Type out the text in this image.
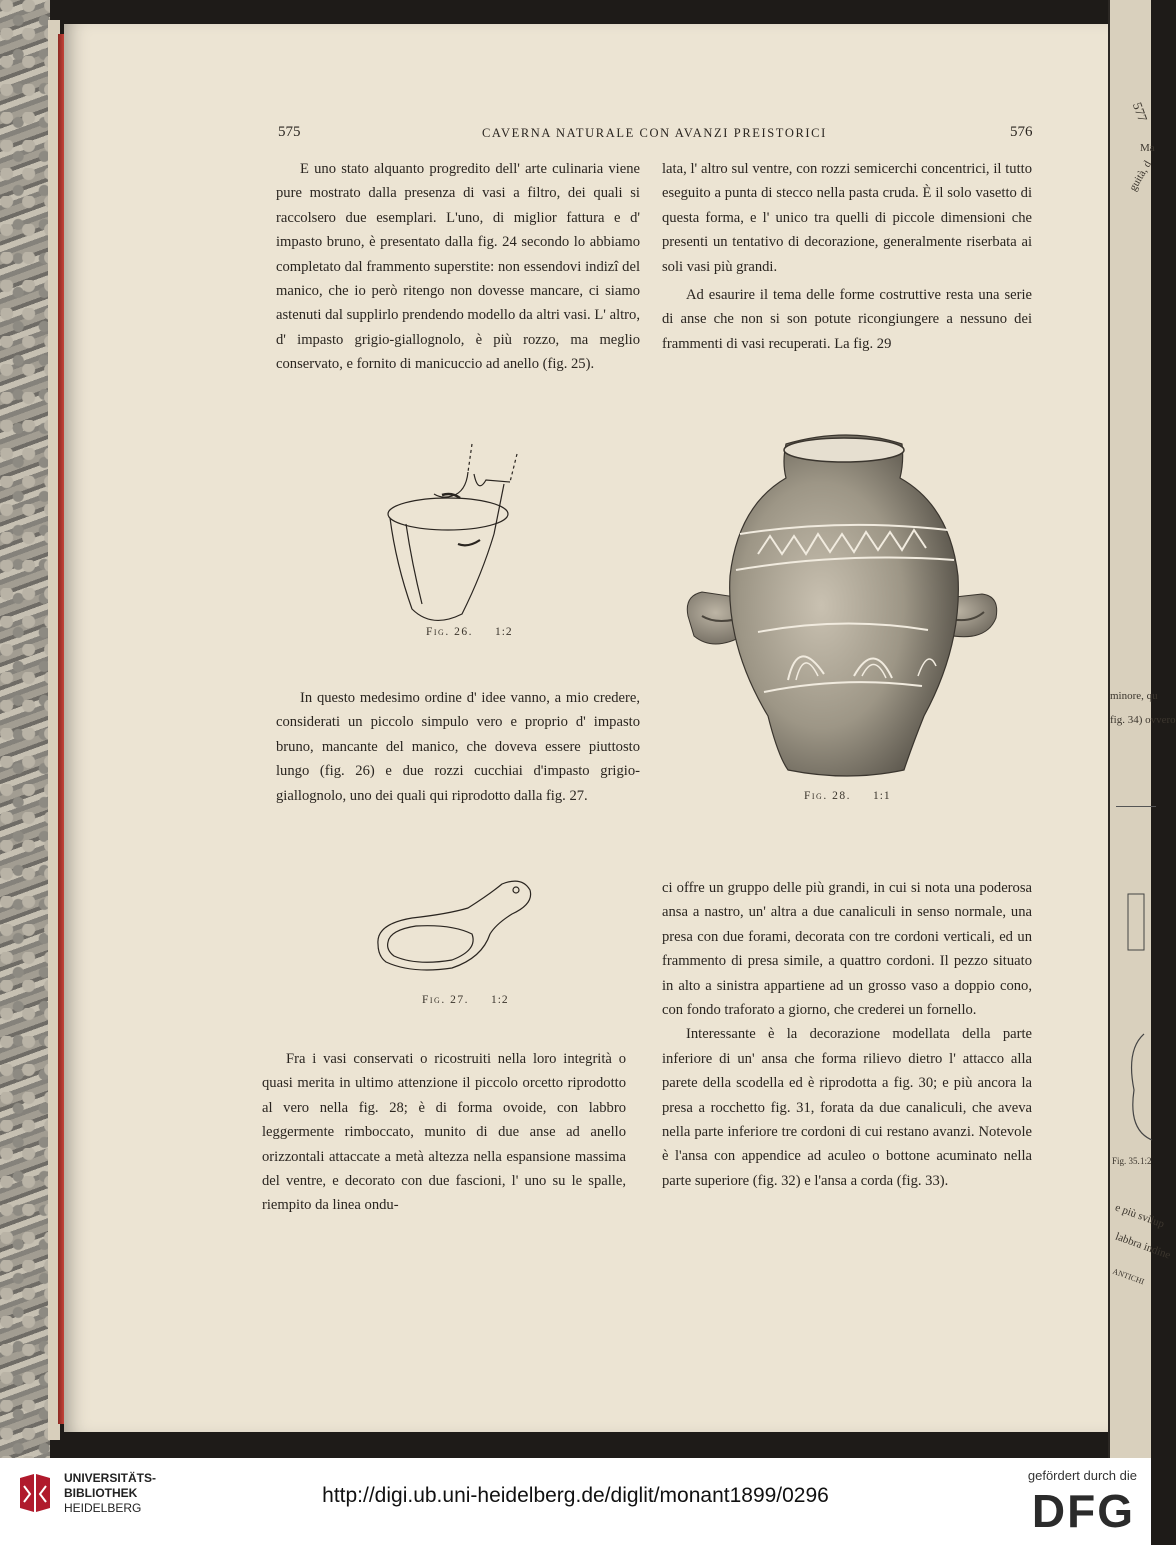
575	CAVERNA NATURALE CON AVANZI PREISTORICI	576

E uno stato alquanto progredito dell' arte culinaria viene pure mostrato dalla presenza di vasi a filtro, dei quali si raccolsero due esemplari. L'uno, di miglior fattura e d' impasto bruno, è presentato dalla fig. 24 secondo lo abbiamo completato dal frammento superstite: non essendovi indizî del manico, che io però ritengo non dovesse mancare, ci siamo astenuti dal supplirlo prendendo modello da altri vasi. L' altro, d' impasto grigio-giallognolo, è più rozzo, ma meglio conservato, e fornito di manicuccio ad anello (fig. 25).

lata, l' altro sul ventre, con rozzi semicerchi concentrici, il tutto eseguito a punta di stecco nella pasta cruda. È il solo vasetto di questa forma, e l' unico tra quelli di piccole dimensioni che presenti un tentativo di decorazione, generalmente riserbata ai soli vasi più grandi.

Ad esaurire il tema delle forme costruttive resta una serie di anse che non si son potute ricongiungere a nessuno dei frammenti di vasi recuperati. La fig. 29

Fig. 26. 1:2

In questo medesimo ordine d' idee vanno, a mio credere, considerati un piccolo simpulo vero e proprio d' impasto bruno, mancante del manico, che doveva essere piuttosto lungo (fig. 26) e due rozzi cucchiai d'impasto grigio-giallognolo, uno dei quali qui riprodotto dalla fig. 27.	Fig. 28. 1:1
Fig. 27. 1:2

ci offre un gruppo delle più grandi, in cui si nota una poderosa ansa a nastro, un' altra a due canaliculi in senso normale, una presa con due forami, decorata con tre cordoni verticali, ed un frammento di presa simile, a quattro cordoni. Il pezzo situato in alto a sinistra appartiene ad un grosso vaso a doppio cono, con fondo traforato a giorno, che crederei un fornello.

Interessante è la decorazione modellata della parte inferiore di un' ansa che forma rilievo dietro l' attacco alla parete della scodella ed è riprodotta a fig. 30; e più ancora la presa a rocchetto fig. 31, forata da due canaliculi, che aveva nella parte inferiore tre cordoni di cui restano avanzi. Notevole è l'ansa con appendice ad aculeo o bottone acuminato nella parte superiore (fig. 32) e l'ansa a corda (fig. 33).

Fra i vasi conservati o ricostruiti nella loro integrità o quasi merita in ultimo attenzione il piccolo orcetto riprodotto al vero nella fig. 28; è di forma ovoide, con labbro leggermente rimboccato, munito di due anse ad anello orizzontali attaccate a metà altezza nella espansione massima del ventre, e decorato con due fascioni, l' uno su le spalle, riempito da linea ondu-

577
Ma
guità, d
minore, qu
fig. 34) ovvero
Fig. 35. 1:2
e più svilup
labbra indine
ANTICHI
UNIVERSITÄTS-
BIBLIOTHEK
HEIDELBERG
http://digi.ub.uni-heidelberg.de/diglit/monant1899/0296
gefördert durch die
DFG
